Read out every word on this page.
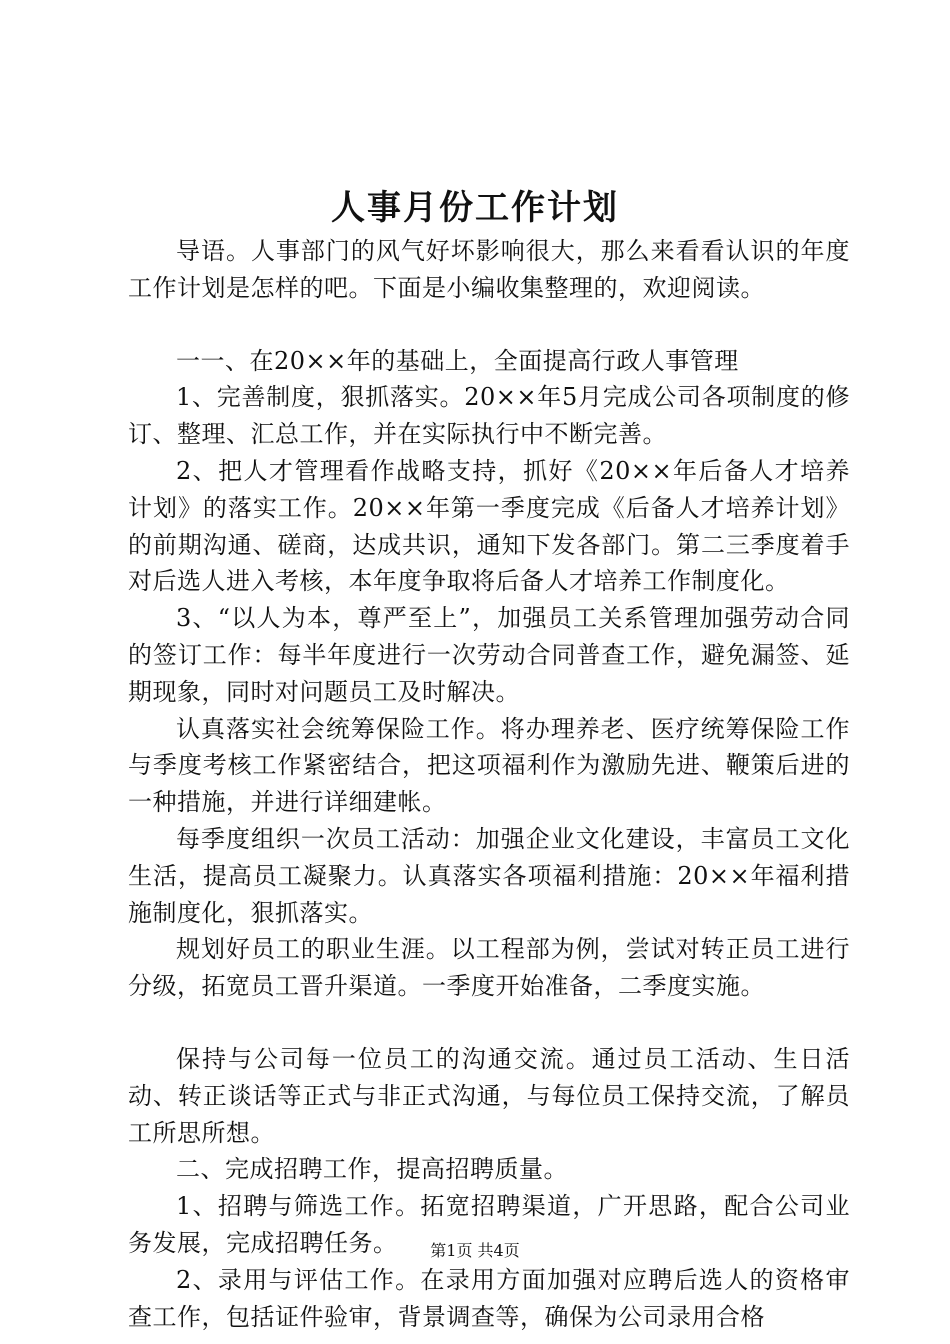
人事月份工作计划

导语。人事部门的风气好坏影响很大，那么来看看认识的年度工作计划是怎样的吧。下面是小编收集整理的，欢迎阅读。

一一、在20××年的基础上，全面提高行政人事管理

1、完善制度，狠抓落实。20××年5月完成公司各项制度的修订、整理、汇总工作，并在实际执行中不断完善。

2、把人才管理看作战略支持，抓好《20××年后备人才培养计划》的落实工作。20××年第一季度完成《后备人才培养计划》的前期沟通、磋商，达成共识，通知下发各部门。第二三季度着手对后选人进入考核，本年度争取将后备人才培养工作制度化。

3、“以人为本，尊严至上”，加强员工关系管理加强劳动合同的签订工作：每半年度进行一次劳动合同普查工作，避免漏签、延期现象，同时对问题员工及时解决。

认真落实社会统筹保险工作。将办理养老、医疗统筹保险工作与季度考核工作紧密结合，把这项福利作为激励先进、鞭策后进的一种措施，并进行详细建帐。

每季度组织一次员工活动：加强企业文化建设，丰富员工文化生活，提高员工凝聚力。认真落实各项福利措施：20××年福利措施制度化，狠抓落实。

规划好员工的职业生涯。以工程部为例，尝试对转正员工进行分级，拓宽员工晋升渠道。一季度开始准备，二季度实施。

保持与公司每一位员工的沟通交流。通过员工活动、生日活动、转正谈话等正式与非正式沟通，与每位员工保持交流，了解员工所思所想。

二、完成招聘工作，提高招聘质量。

1、招聘与筛选工作。拓宽招聘渠道，广开思路，配合公司业务发展，完成招聘任务。

2、录用与评估工作。在录用方面加强对应聘后选人的资格审查工作，包括证件验审，背景调查等，确保为公司录用合格

第1页 共4页
